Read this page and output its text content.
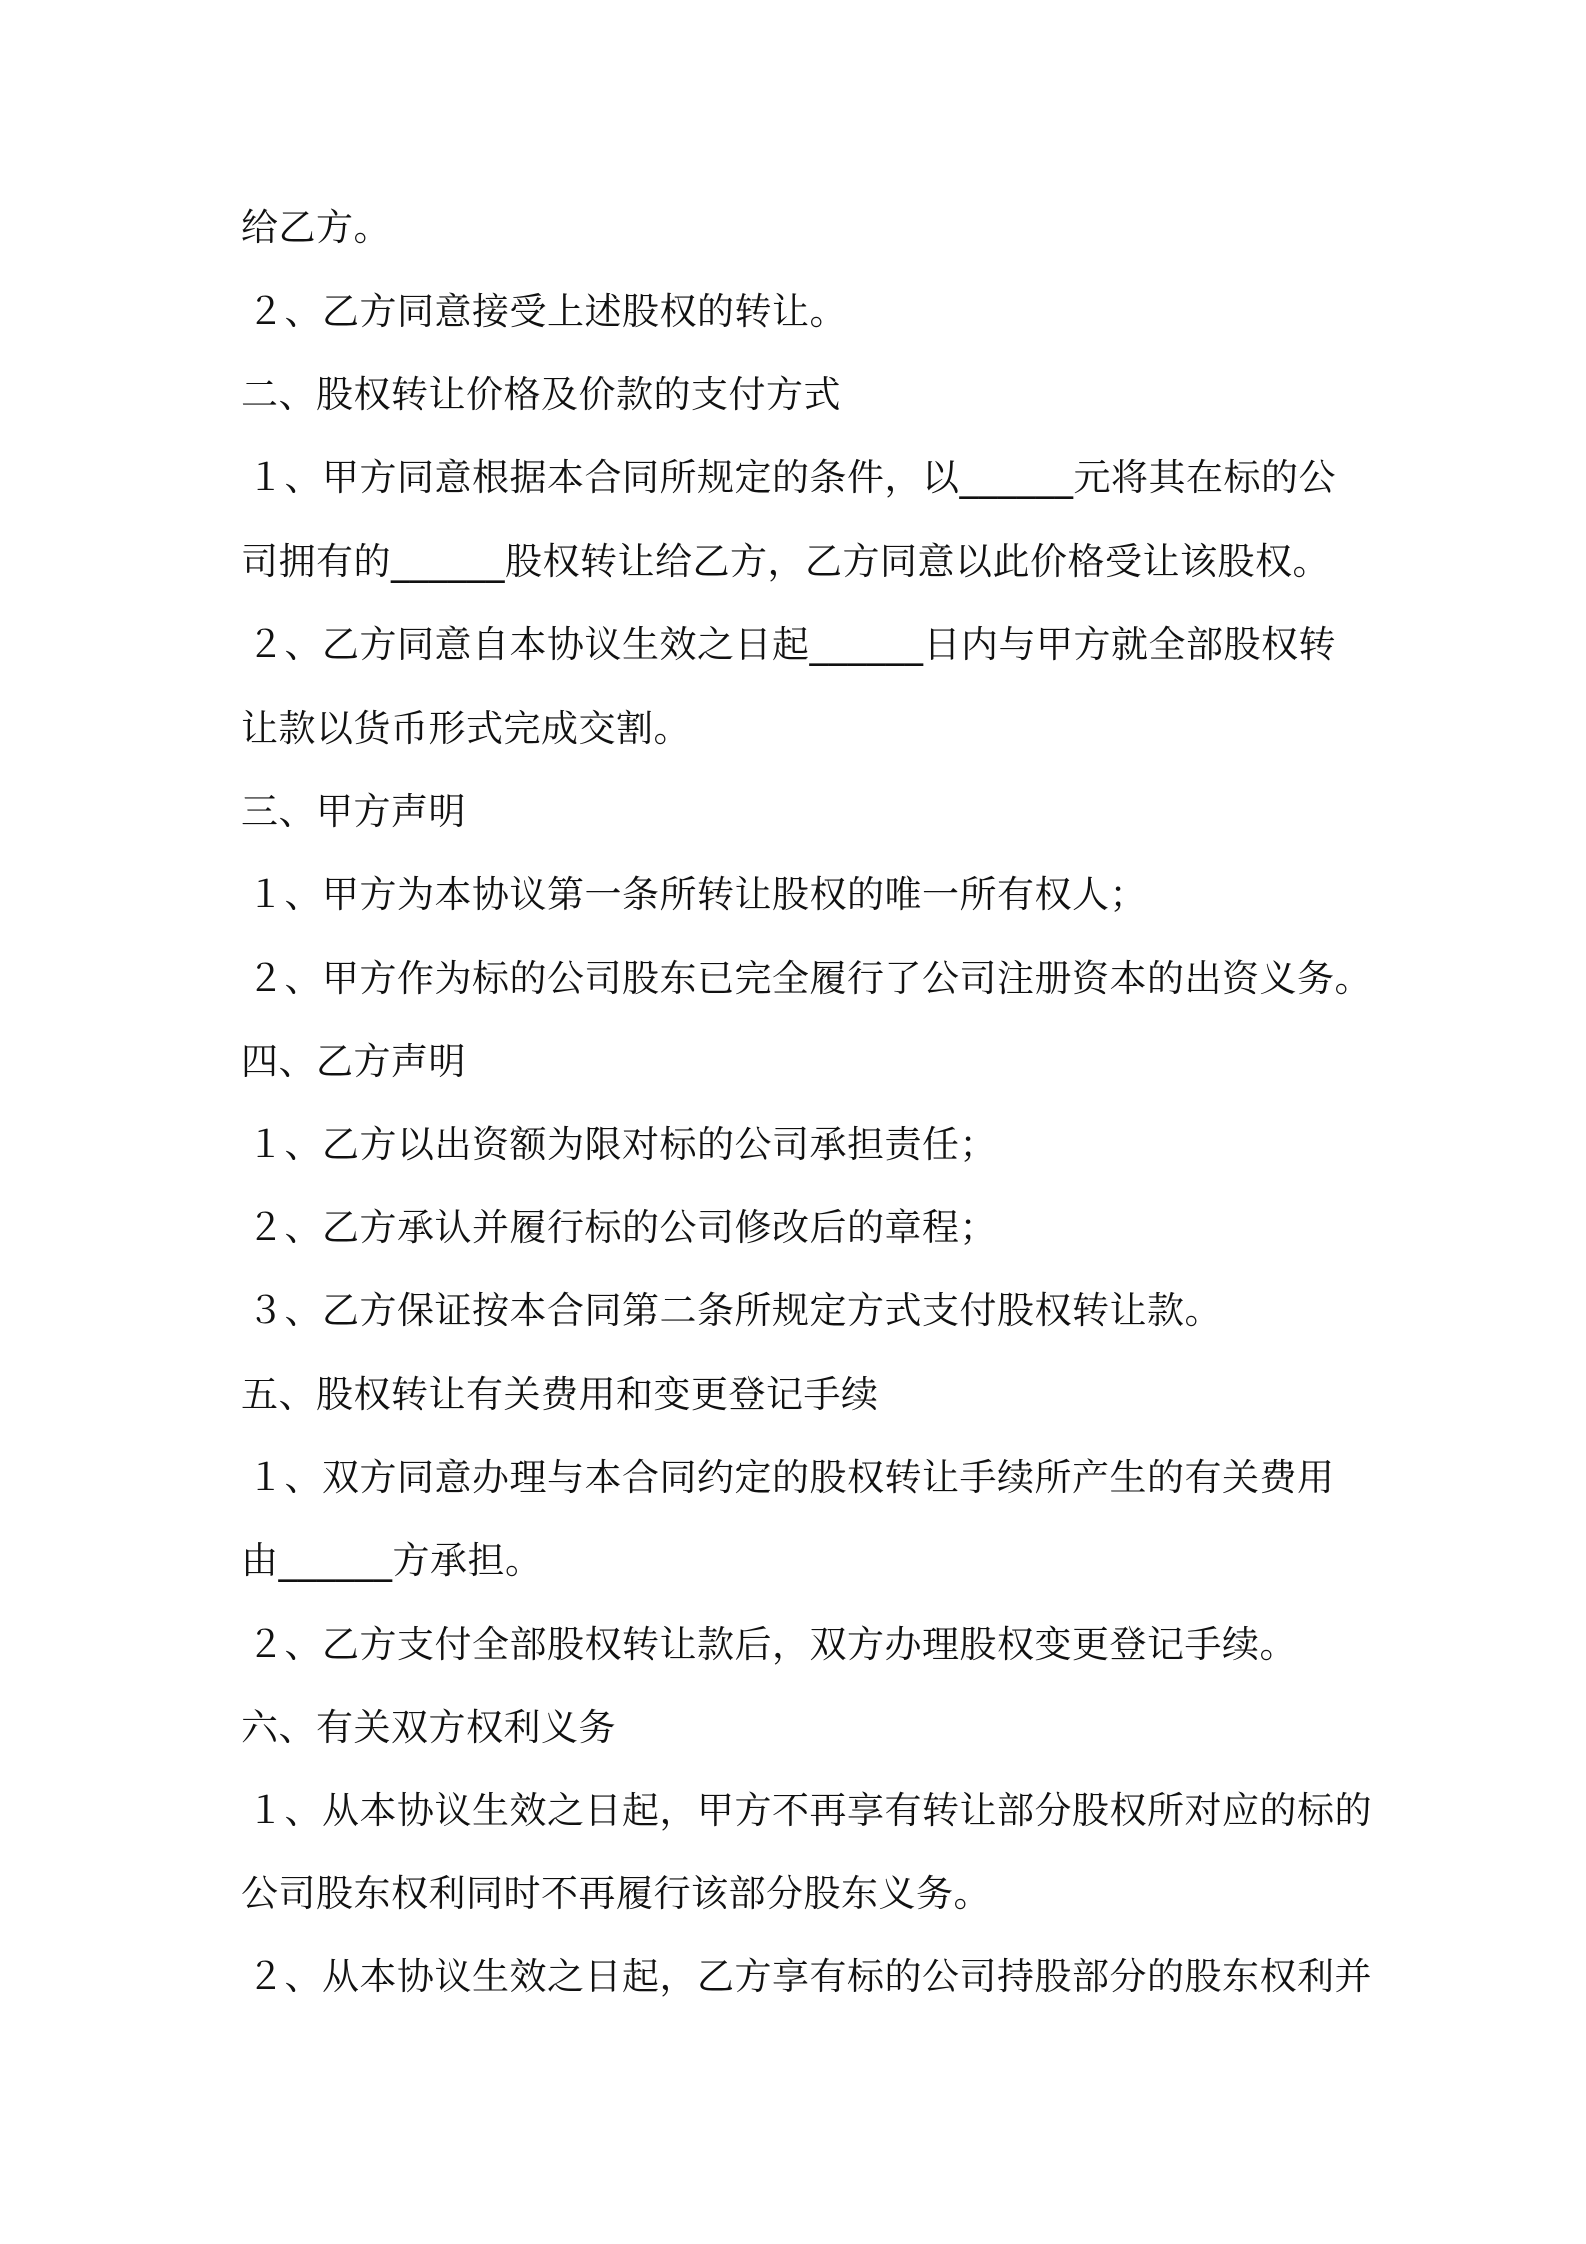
给乙方。
２、乙方同意接受上述股权的转让。
二、股权转让价格及价款的支付方式
１、甲方同意根据本合同所规定的条件，以______元将其在标的公
司拥有的______股权转让给乙方，乙方同意以此价格受让该股权。
２、乙方同意自本协议生效之日起______日内与甲方就全部股权转
让款以货币形式完成交割。
三、甲方声明
１、甲方为本协议第一条所转让股权的唯一所有权人；
２、甲方作为标的公司股东已完全履行了公司注册资本的出资义务。
四、乙方声明
１、乙方以出资额为限对标的公司承担责任；
２、乙方承认并履行标的公司修改后的章程；
３、乙方保证按本合同第二条所规定方式支付股权转让款。
五、股权转让有关费用和变更登记手续
１、双方同意办理与本合同约定的股权转让手续所产生的有关费用
由______方承担。
２、乙方支付全部股权转让款后，双方办理股权变更登记手续。
六、有关双方权利义务
１、从本协议生效之日起，甲方不再享有转让部分股权所对应的标的
公司股东权利同时不再履行该部分股东义务。
２、从本协议生效之日起，乙方享有标的公司持股部分的股东权利并
